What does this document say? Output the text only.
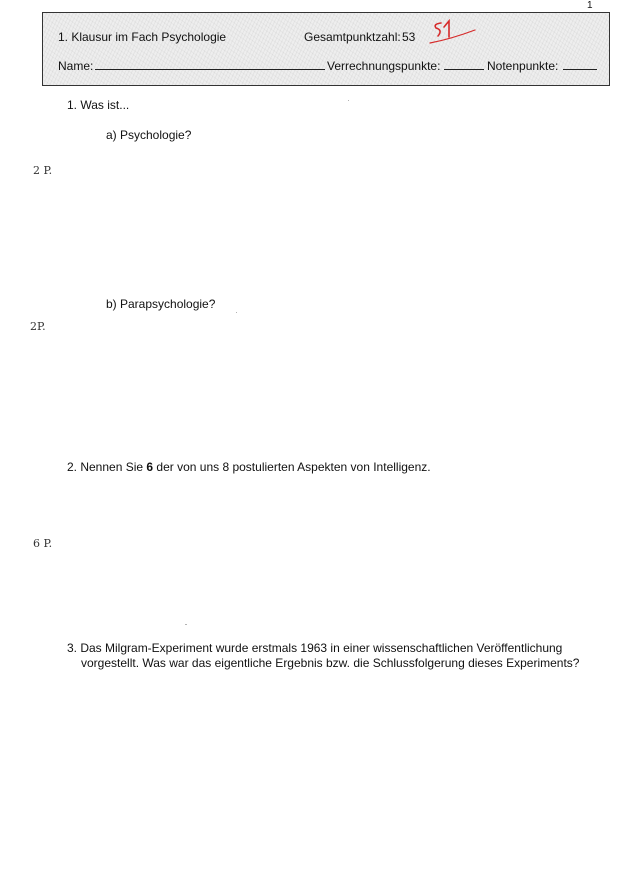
1
1. Klausur im Fach Psychologie	Gesamtpunktzahl: 53
Name:	Verrechnungspunkte:	Notenpunkte:
1. Was ist...
a) Psychologie?
2 P.
b) Parapsychologie?
2P.
2. Nennen Sie 6 der von uns 8 postulierten Aspekten von Intelligenz.
6 P.
3. Das Milgram-Experiment wurde erstmals 1963 in einer wissenschaftlichen Veröffentlichung
vorgestellt. Was war das eigentliche Ergebnis bzw. die Schlussfolgerung dieses Experiments?
